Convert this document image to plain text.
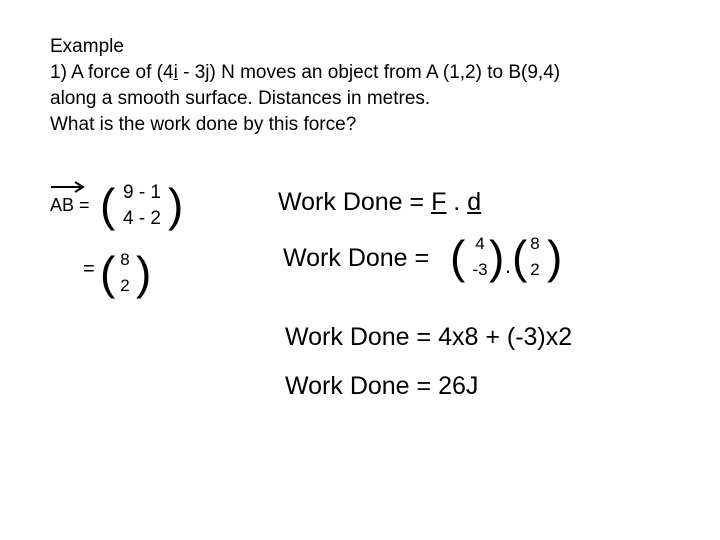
Example
1) A force of (4i - 3j) N moves an object from A (1,2) to B(9,4)
along a smooth surface. Distances in metres.
What is the work done by this force?
AB = ( 9 - 1
4 - 2 )
= ( 8
2 )
Work Done = F . d
Work Done = ( 4
-3 ) . ( 8
2 )
Work Done = 4x8 + (-3)x2
Work Done = 26J
